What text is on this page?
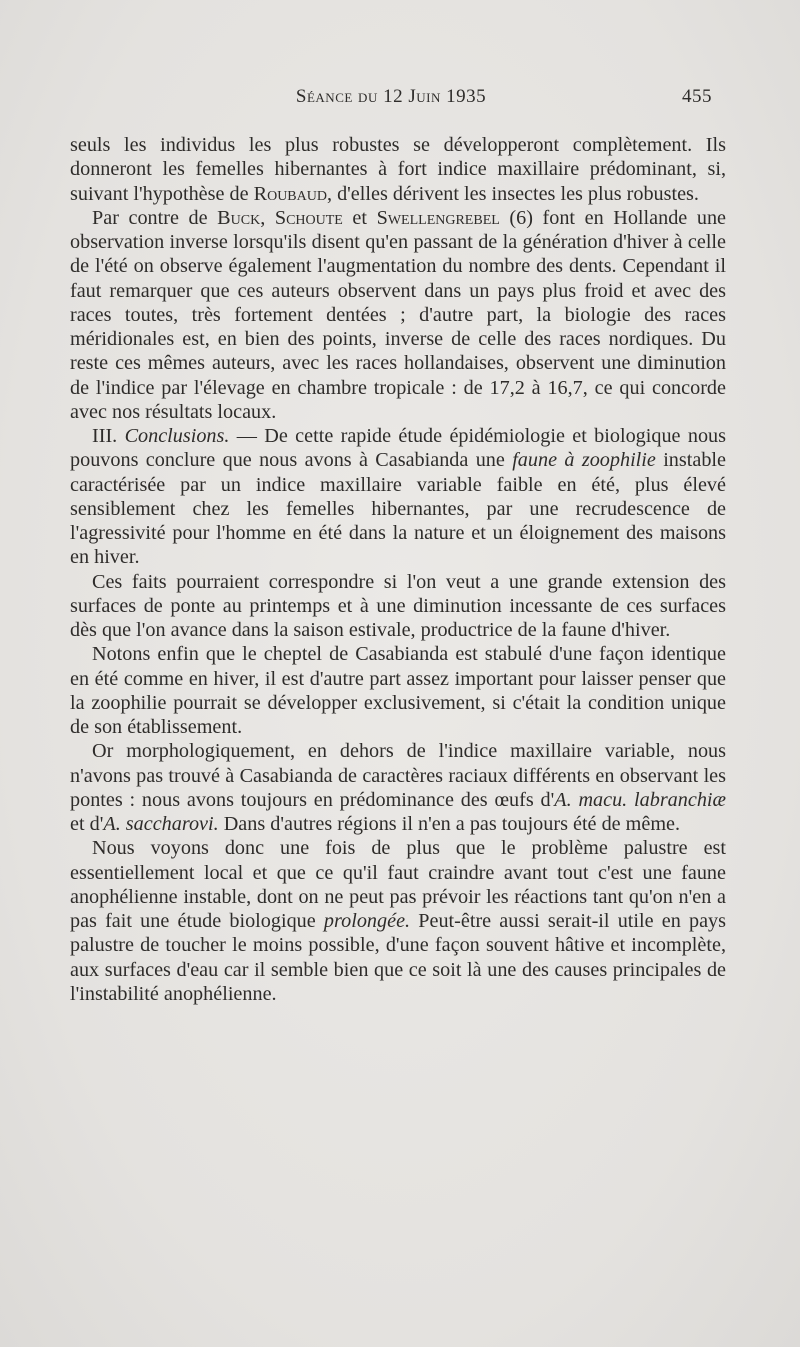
Séance du 12 Juin 1935	455

seuls les individus les plus robustes se développeront complètement. Ils donneront les femelles hibernantes à fort indice maxillaire prédominant, si, suivant l'hypothèse de Roubaud, d'elles dérivent les insectes les plus robustes.

Par contre de Buck, Schoute et Swellengrebel (6) font en Hollande une observation inverse lorsqu'ils disent qu'en passant de la génération d'hiver à celle de l'été on observe également l'augmentation du nombre des dents. Cependant il faut remarquer que ces auteurs observent dans un pays plus froid et avec des races toutes, très fortement dentées ; d'autre part, la biologie des races méridionales est, en bien des points, inverse de celle des races nordiques. Du reste ces mêmes auteurs, avec les races hollandaises, observent une diminution de l'indice par l'élevage en chambre tropicale : de 17,2 à 16,7, ce qui concorde avec nos résultats locaux.

III. Conclusions. — De cette rapide étude épidémiologie et biologique nous pouvons conclure que nous avons à Casabianda une faune à zoophilie instable caractérisée par un indice maxillaire variable faible en été, plus élevé sensiblement chez les femelles hibernantes, par une recrudescence de l'agressivité pour l'homme en été dans la nature et un éloignement des maisons en hiver.

Ces faits pourraient correspondre si l'on veut a une grande extension des surfaces de ponte au printemps et à une diminution incessante de ces surfaces dès que l'on avance dans la saison estivale, productrice de la faune d'hiver.

Notons enfin que le cheptel de Casabianda est stabulé d'une façon identique en été comme en hiver, il est d'autre part assez important pour laisser penser que la zoophilie pourrait se développer exclusivement, si c'était la condition unique de son établissement.

Or morphologiquement, en dehors de l'indice maxillaire variable, nous n'avons pas trouvé à Casabianda de caractères raciaux différents en observant les pontes : nous avons toujours en prédominance des œufs d'A. macu. labranchiæ et d'A. saccharovi. Dans d'autres régions il n'en a pas toujours été de même.

Nous voyons donc une fois de plus que le problème palustre est essentiellement local et que ce qu'il faut craindre avant tout c'est une faune anophélienne instable, dont on ne peut pas prévoir les réactions tant qu'on n'en a pas fait une étude biologique prolongée. Peut-être aussi serait-il utile en pays palustre de toucher le moins possible, d'une façon souvent hâtive et incomplète, aux surfaces d'eau car il semble bien que ce soit là une des causes principales de l'instabilité anophélienne.
